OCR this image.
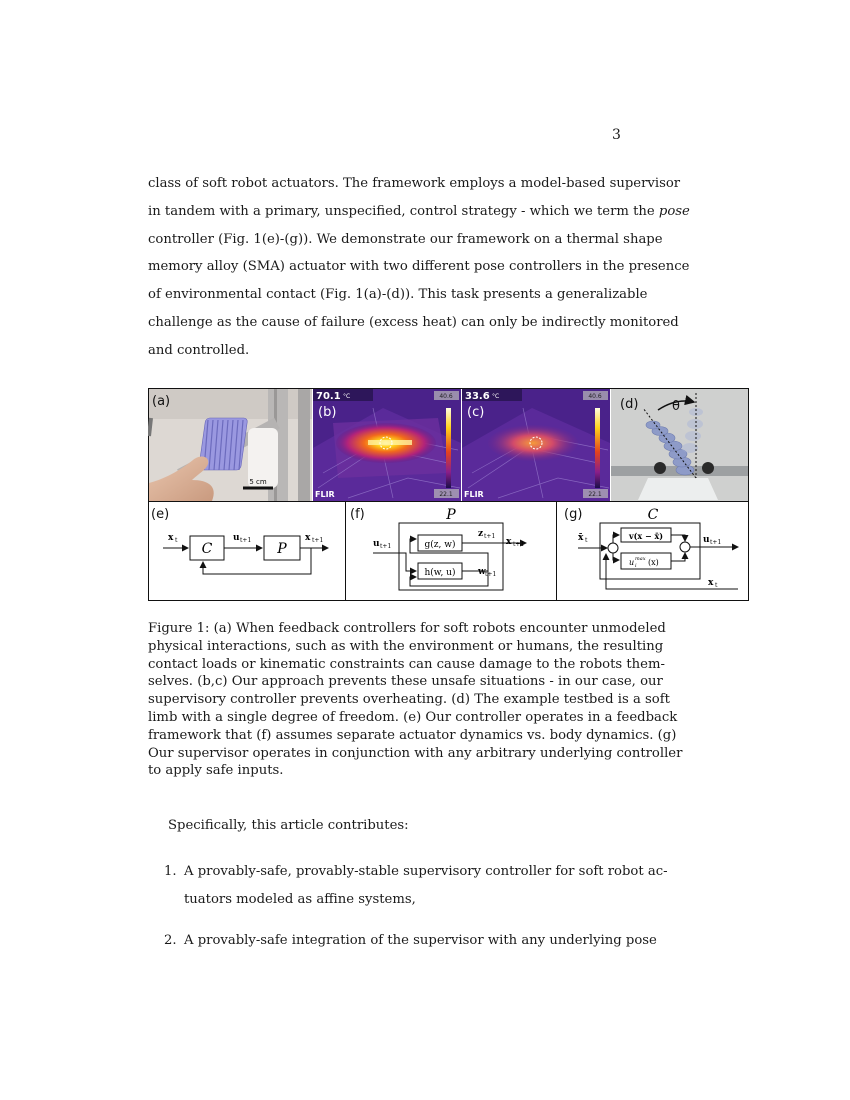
3

class of soft robot actuators. The framework employs a model-based supervisor

in tandem with a primary, unspecified, control strategy - which we term the pose

controller (Fig. 1(e)-(g)). We demonstrate our framework on a thermal shape

memory alloy (SMA) actuator with two different pose controllers in the presence

of environmental contact (Fig. 1(a)-(d)). This task presents a generalizable

challenge as the cause of failure (excess heat) can only be indirectly monitored

and controlled.

5 cm
(a)	70.1 °C	40.6
22.1
FLIR
(b)
33.6 °C	40.6
22.1
FLIR
(c)	θ
(d)
(e)
x t
C
u t+1
P
x t+1
(f)	P
u t+1	g(z, w)
h(w, u)
z t+1
x t+1
w t+1
(g)	C
x̄ t	v(x − x̄)
u i
max (x)
u t+1
x t

Figure 1: (a) When feedback controllers for soft robots encounter unmodeled

physical interactions, such as with the environment or humans, the resulting

contact loads or kinematic constraints can cause damage to the robots them-

selves. (b,c) Our approach prevents these unsafe situations - in our case, our

supervisory controller prevents overheating. (d) The example testbed is a soft

limb with a single degree of freedom. (e) Our controller operates in a feedback

framework that (f) assumes separate actuator dynamics vs. body dynamics. (g)

Our supervisor operates in conjunction with any arbitrary underlying controller

to apply safe inputs.

Specifically, this article contributes:
1. A provably-safe, provably-stable supervisory controller for soft robot ac-

tuators modeled as affine systems,

2. A provably-safe integration of the supervisor with any underlying pose
